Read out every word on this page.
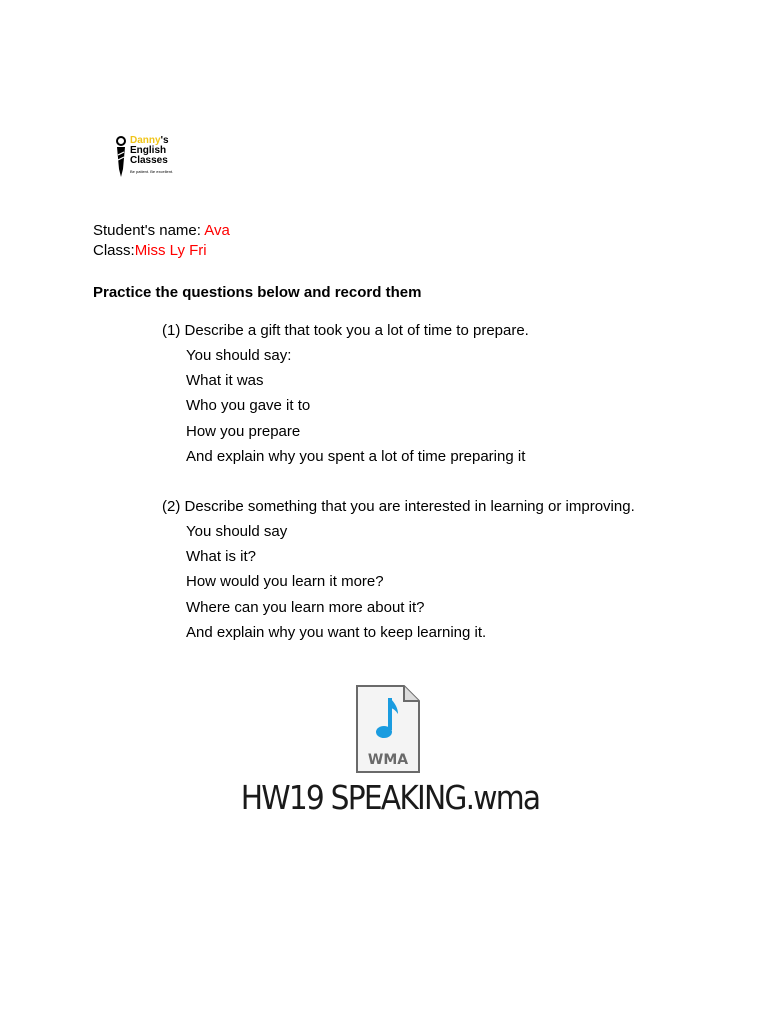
Danny's
English
Classes
Be patient. Be excellent.
Student's name: Ava
Class:Miss Ly Fri
Practice the questions below and record them
(1) Describe a gift that took you a lot of time to prepare.
You should say:
What it was
Who you gave it to
How you prepare
And explain why you spent a lot of time preparing it
(2) Describe something that you are interested in learning or improving.
You should say
What is it?
How would you learn it more?
Where can you learn more about it?
And explain why you want to keep learning it.
WMA
HW19 SPEAKING.wma
